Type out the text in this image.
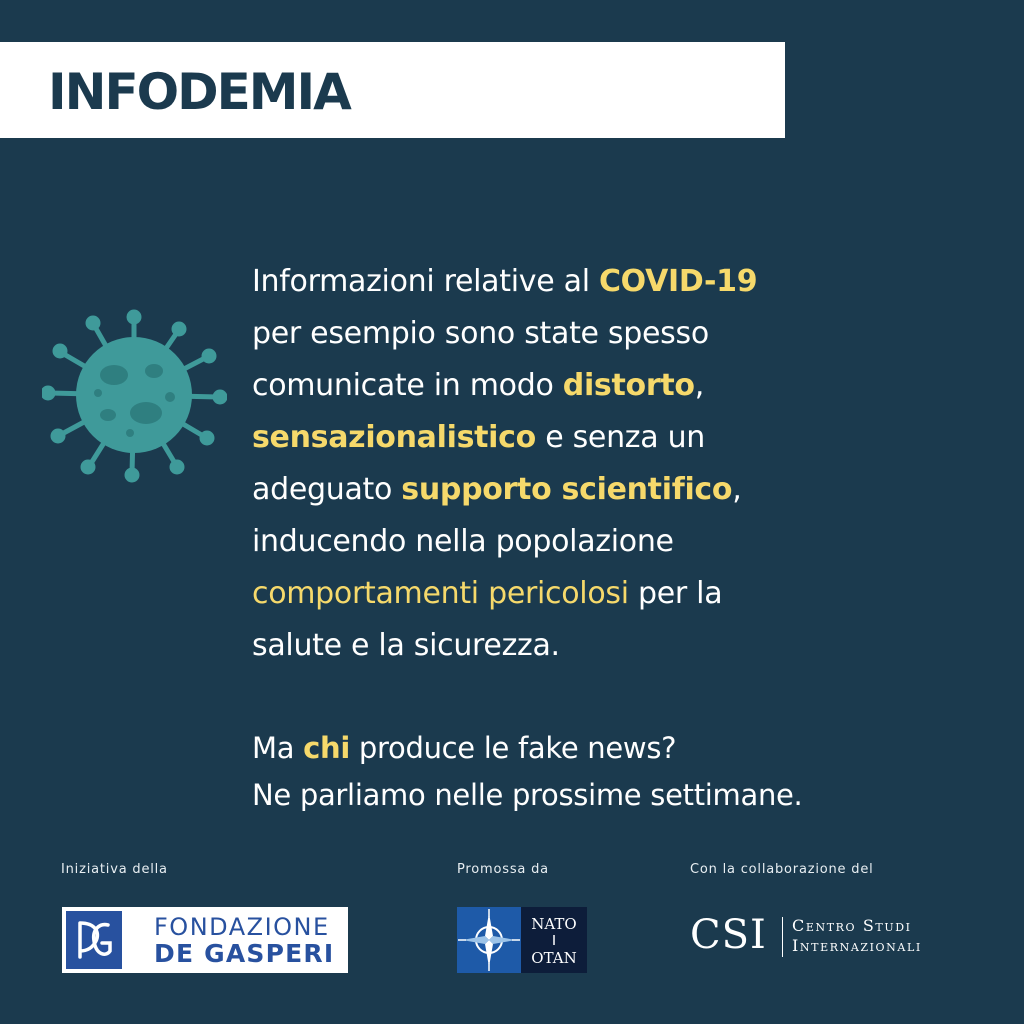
INFODEMIA
Informazioni relative al COVID-19
per esempio sono state spesso
comunicate in modo distorto,
sensazionalistico e senza un
adeguato supporto scientifico,
inducendo nella popolazione
comportamenti pericolosi per la
salute e la sicurezza.
Ma chi produce le fake news?
Ne parliamo nelle prossime settimane.
Iniziativa della	Promossa da	Con la collaborazione del
FONDAZIONE
DE GASPERI
NATO
OTAN	CSI Centro Studi
Internazionali
